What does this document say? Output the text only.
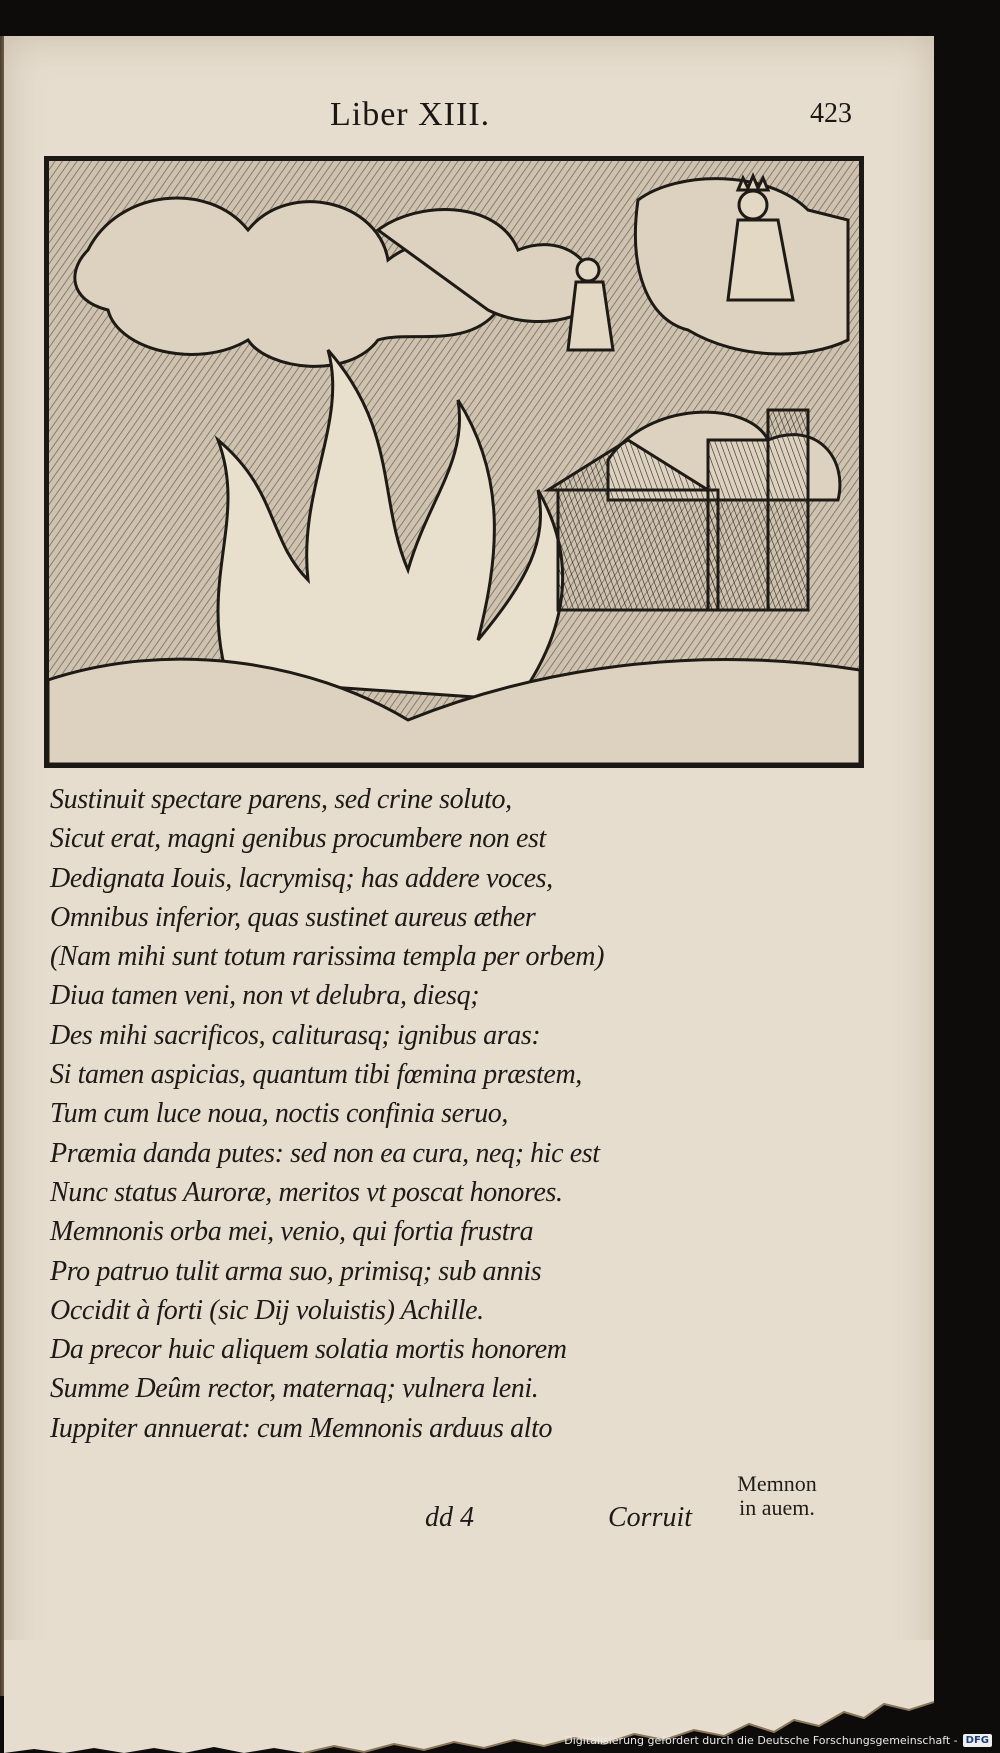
Liber XIII.	423
Sustinuit spectare parens, sed crine soluto,
Sicut erat, magni genibus procumbere non est
Dedignata Iouis, lacrymisq; has addere voces,
Omnibus inferior, quas sustinet aureus æther
(Nam mihi sunt totum rarissima templa per orbem)
Diua tamen veni, non vt delubra, diesq;
Des mihi sacrificos, caliturasq; ignibus aras:
Si tamen aspicias, quantum tibi fœmina præstem,
Tum cum luce noua, noctis confinia seruo,
Præmia danda putes: sed non ea cura, neq; hic est
Nunc status Auroræ, meritos vt poscat honores.
Memnonis orba mei, venio, qui fortia frustra
Pro patruo tulit arma suo, primisq; sub annis
Occidit à forti (sic Dij voluistis) Achille.
Da precor huic aliquem solatia mortis honorem
Summe Deûm rector, maternaq; vulnera leni.
Iuppiter annuerat: cum Memnonis arduus alto
Memnon
in auem.
dd 4	Corruit
Digitalisierung gefördert durch die Deutsche Forschungsgemeinschaft - DFG
